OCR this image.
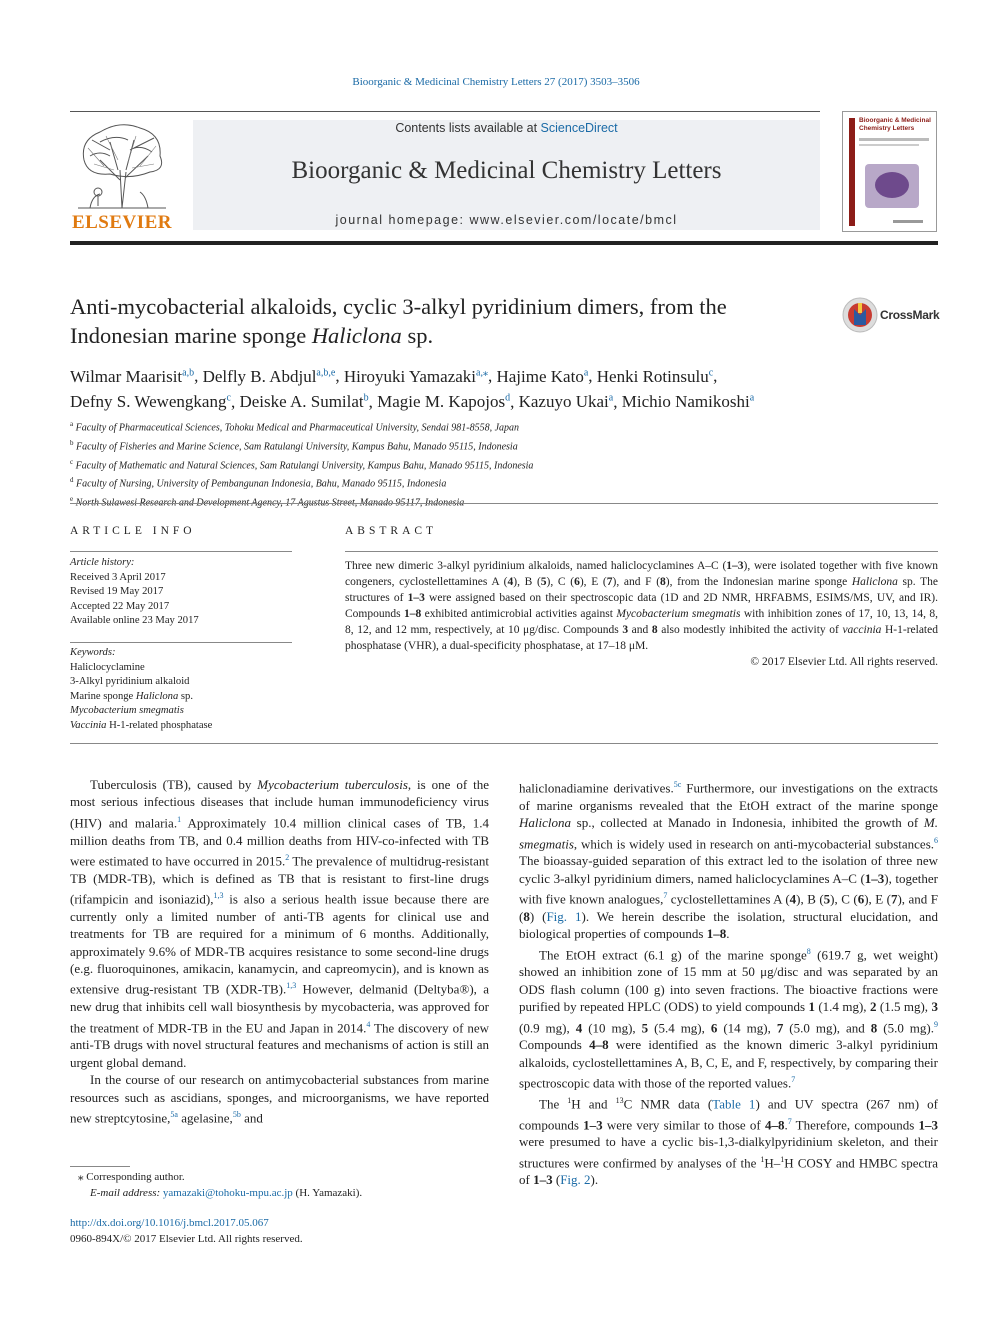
Bioorganic & Medicinal Chemistry Letters 27 (2017) 3503–3506
ELSEVIER
Contents lists available at ScienceDirect
Bioorganic & Medicinal Chemistry Letters
journal homepage: www.elsevier.com/locate/bmcl
Bioorganic & Medicinal
Chemistry Letters
Anti-mycobacterial alkaloids, cyclic 3-alkyl pyridinium dimers, from the Indonesian marine sponge Haliclona sp.
CrossMark
Wilmar Maarisit$^{a,b}$, Delfly B. Abdjul$^{a,b,e}$, Hiroyuki Yamazaki$^{a,⁎}$, Hajime Kato$^a$, Henki Rotinsulu$^c$,
Defny S. Wewengkang$^c$, Deiske A. Sumilat$^b$, Magie M. Kapojos$^d$, Kazuyo Ukai$^a$, Michio Namikoshi$^a$
$^a$ Faculty of Pharmaceutical Sciences, Tohoku Medical and Pharmaceutical University, Sendai 981-8558, Japan
$^b$ Faculty of Fisheries and Marine Science, Sam Ratulangi University, Kampus Bahu, Manado 95115, Indonesia
$^c$ Faculty of Mathematic and Natural Sciences, Sam Ratulangi University, Kampus Bahu, Manado 95115, Indonesia
$^d$ Faculty of Nursing, University of Pembangunan Indonesia, Bahu, Manado 95115, Indonesia
$^e$ North Sulawesi Research and Development Agency, 17 Agustus Street, Manado 95117, Indonesia
ARTICLE INFO
Article history:
Received 3 April 2017
Revised 19 May 2017
Accepted 22 May 2017
Available online 23 May 2017
Keywords:
Haliclocyclamine
3-Alkyl pyridinium alkaloid
Marine sponge Haliclona sp.
Mycobacterium smegmatis
Vaccinia H-1-related phosphatase
ABSTRACT
Three new dimeric 3-alkyl pyridinium alkaloids, named haliclocyclamines A–C (1–3), were isolated together with five known congeners, cyclostellettamines A (4), B (5), C (6), E (7), and F (8), from the Indonesian marine sponge Haliclona sp. The structures of 1–3 were assigned based on their spectroscopic data (1D and 2D NMR, HRFABMS, ESIMS/MS, UV, and IR). Compounds 1–8 exhibited antimicrobial activities against Mycobacterium smegmatis with inhibition zones of 17, 10, 13, 14, 8, 8, 12, and 12 mm, respectively, at 10 μg/disc. Compounds 3 and 8 also modestly inhibited the activity of vaccinia H-1-related phosphatase (VHR), a dual-specificity phosphatase, at 17–18 μM.
© 2017 Elsevier Ltd. All rights reserved.

Tuberculosis (TB), caused by Mycobacterium tuberculosis, is one of the most serious infectious diseases that include human immunodeficiency virus (HIV) and malaria.$^1$ Approximately 10.4 million clinical cases of TB, 1.4 million deaths from TB, and 0.4 million deaths from HIV-co-infected with TB were estimated to have occurred in 2015.$^2$ The prevalence of multidrug-resistant TB (MDR-TB), which is defined as TB that is resistant to first-line drugs (rifampicin and isoniazid),$^{1,3}$ is also a serious health issue because there are currently only a limited number of anti-TB agents for clinical use and treatments for TB are required for a minimum of 6 months. Additionally, approximately 9.6% of MDR-TB acquires resistance to some second-line drugs (e.g. fluoroquinones, amikacin, kanamycin, and capreomycin), and is known as extensive drug-resistant TB (XDR-TB).$^{1,3}$ However, delmanid (Deltyba®), a new drug that inhibits cell wall biosynthesis by mycobacteria, was approved for the treatment of MDR-TB in the EU and Japan in 2014.$^4$ The discovery of new anti-TB drugs with novel structural features and mechanisms of action is still an urgent global demand.

In the course of our research on antimycobacterial substances from marine resources such as ascidians, sponges, and microorganisms, we have reported new streptcytosine,$^{5a}$ agelasine,$^{5b}$ and

haliclonadiamine derivatives.$^{5c}$ Furthermore, our investigations on the extracts of marine organisms revealed that the EtOH extract of the marine sponge Haliclona sp., collected at Manado in Indonesia, inhibited the growth of M. smegmatis, which is widely used in research on anti-mycobacterial substances.$^6$ The bioassay-guided separation of this extract led to the isolation of three new cyclic 3-alkyl pyridinium dimers, named haliclocyclamines A–C (1–3), together with five known analogues,$^7$ cyclostellettamines A (4), B (5), C (6), E (7), and F (8) (Fig. 1). We herein describe the isolation, structural elucidation, and biological properties of compounds 1–8.

The EtOH extract (6.1 g) of the marine sponge$^8$ (619.7 g, wet weight) showed an inhibition zone of 15 mm at 50 μg/disc and was separated by an ODS flash column (100 g) into seven fractions. The bioactive fractions were purified by repeated HPLC (ODS) to yield compounds 1 (1.4 mg), 2 (1.5 mg), 3 (0.9 mg), 4 (10 mg), 5 (5.4 mg), 6 (14 mg), 7 (5.0 mg), and 8 (5.0 mg).$^9$ Compounds 4–8 were identified as the known dimeric 3-alkyl pyridinium alkaloids, cyclostellettamines A, B, C, E, and F, respectively, by comparing their spectroscopic data with those of the reported values.$^7$

The $^1$H and $^{13}$C NMR data (Table 1) and UV spectra (267 nm) of compounds 1–3 were very similar to those of 4–8.$^7$ Therefore, compounds 1–3 were presumed to have a cyclic bis-1,3-dialkylpyridinium skeleton, and their structures were confirmed by analyses of the $^1$H–$^1$H COSY and HMBC spectra of 1–3 (Fig. 2).

⁎ Corresponding author.
E-mail address: yamazaki@tohoku-mpu.ac.jp (H. Yamazaki).
http://dx.doi.org/10.1016/j.bmcl.2017.05.067
0960-894X/© 2017 Elsevier Ltd. All rights reserved.
